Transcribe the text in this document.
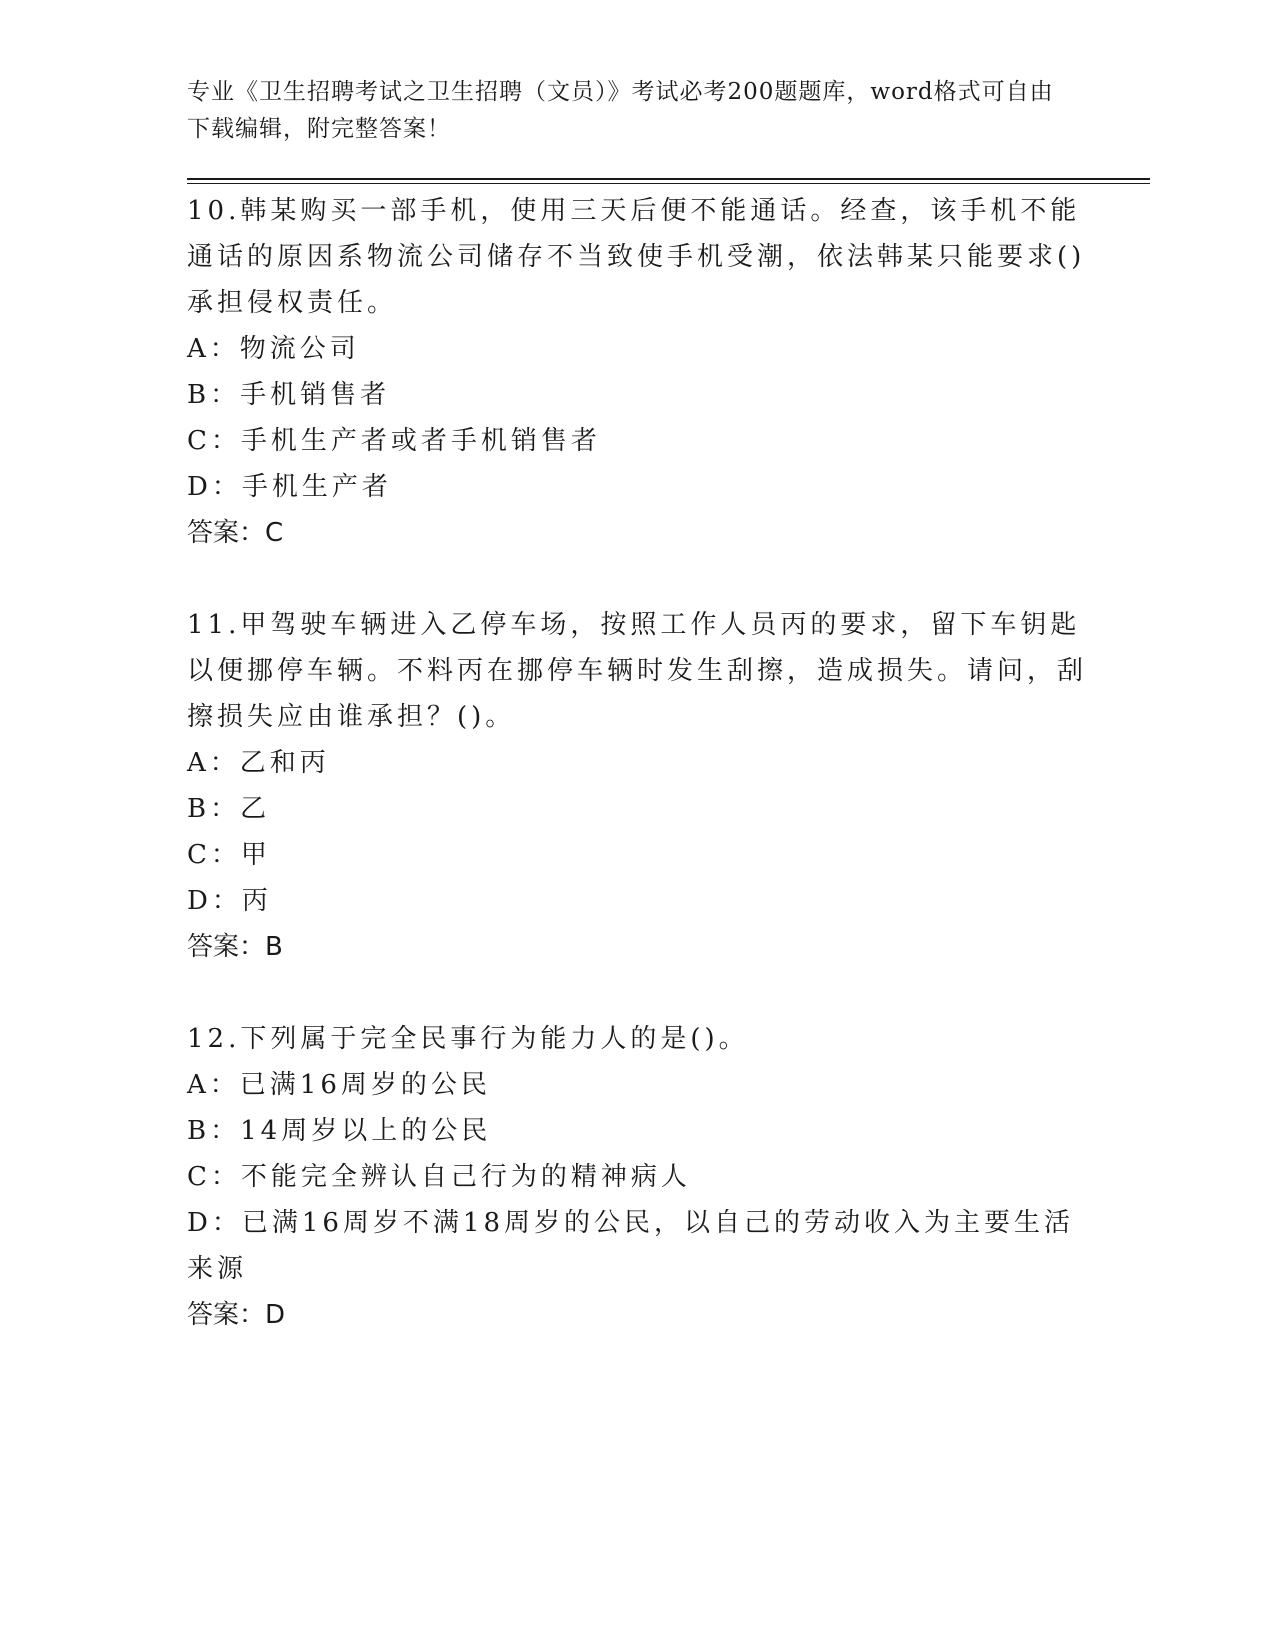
专业《卫生招聘考试之卫生招聘（文员）》考试必考200题题库，word格式可自由下载编辑，附完整答案！

10.韩某购买一部手机，使用三天后便不能通话。经查，该手机不能通话的原因系物流公司储存不当致使手机受潮，依法韩某只能要求()承担侵权责任。

A：物流公司

B：手机销售者

C：手机生产者或者手机销售者

D：手机生产者

答案：C

11.甲驾驶车辆进入乙停车场，按照工作人员丙的要求，留下车钥匙以便挪停车辆。不料丙在挪停车辆时发生刮擦，造成损失。请问，刮擦损失应由谁承担？()。

A：乙和丙

B：乙

C：甲

D：丙

答案：B

12.下列属于完全民事行为能力人的是()。

A：已满16周岁的公民

B：14周岁以上的公民

C：不能完全辨认自己行为的精神病人

D：已满16周岁不满18周岁的公民，以自己的劳动收入为主要生活来源

答案：D
